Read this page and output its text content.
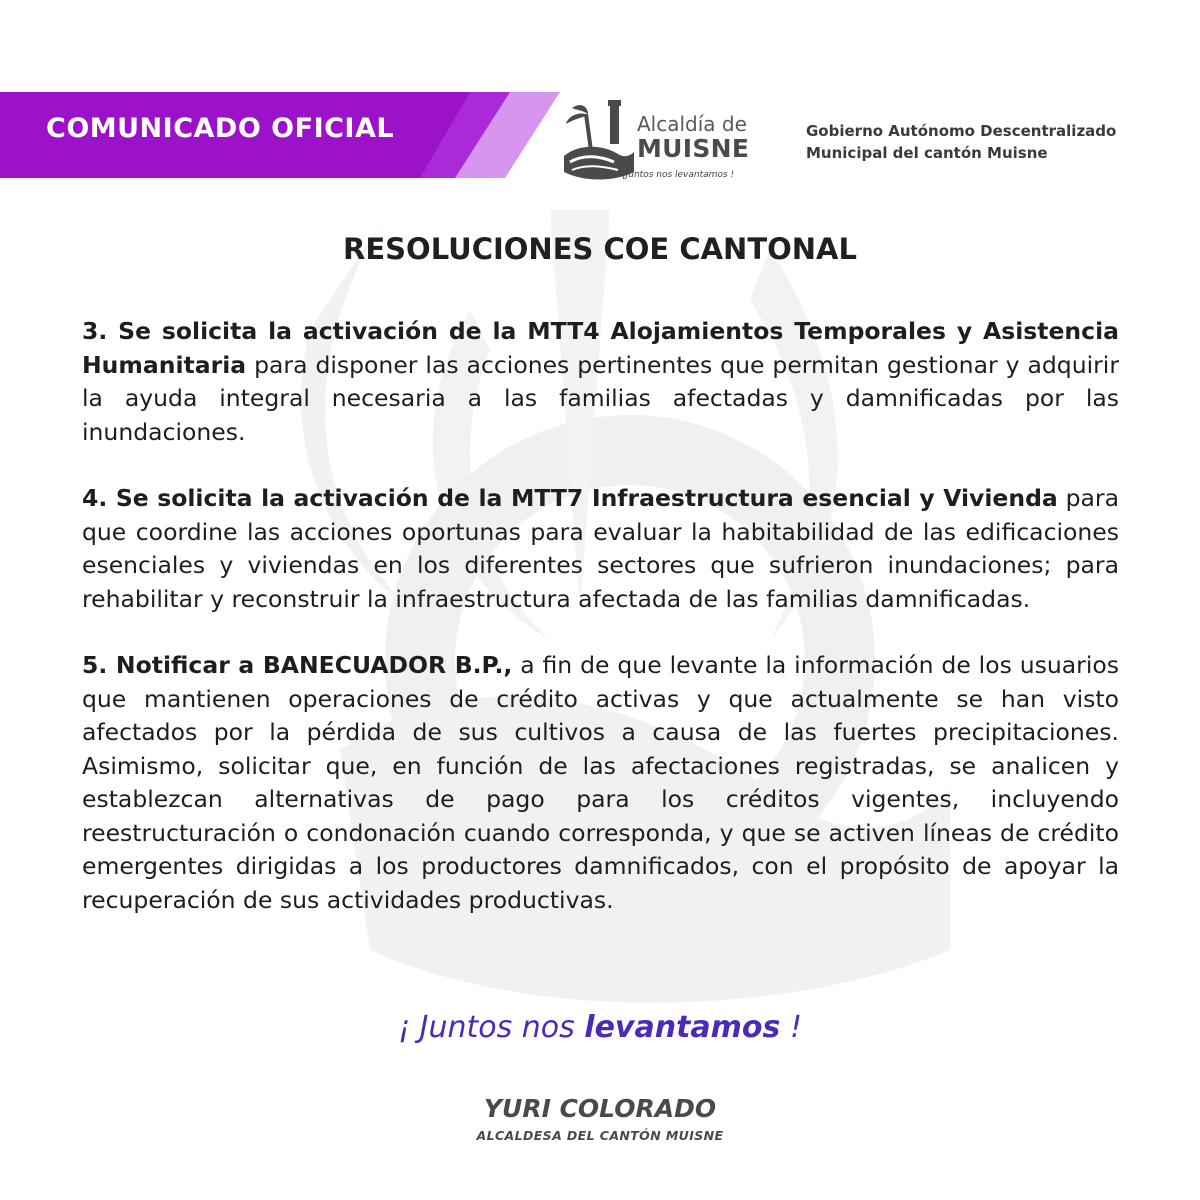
COMUNICADO OFICIAL	Alcaldía de
MUISNE
¡Juntos nos levantamos !
Gobierno Autónomo Descentralizado
Municipal del cantón Muisne
RESOLUCIONES COE CANTONAL

3. Se solicita la activación de la MTT4 Alojamientos Temporales y Asistencia Humanitaria para disponer las acciones pertinentes que permitan gestionar y adquirir la ayuda integral necesaria a las familias afectadas y damnificadas por las inundaciones.

4. Se solicita la activación de la MTT7 Infraestructura esencial y Vivienda para que coordine las acciones oportunas para evaluar la habitabilidad de las edificaciones esenciales y viviendas en los diferentes sectores que sufrieron inundaciones; para rehabilitar y reconstruir la infraestructura afectada de las familias damnificadas.

5. Notificar a BANECUADOR B.P., a fin de que levante la información de los usuarios que mantienen operaciones de crédito activas y que actualmente se han visto afectados por la pérdida de sus cultivos a causa de las fuertes precipitaciones. Asimismo, solicitar que, en función de las afectaciones registradas, se analicen y establezcan alternativas de pago para los créditos vigentes, incluyendo reestructuración o condonación cuando corresponda, y que se activen líneas de crédito emergentes dirigidas a los productores damnificados, con el propósito de apoyar la recuperación de sus actividades productivas.

¡ Juntos nos levantamos !
YURI COLORADO
ALCALDESA DEL CANTÓN MUISNE
